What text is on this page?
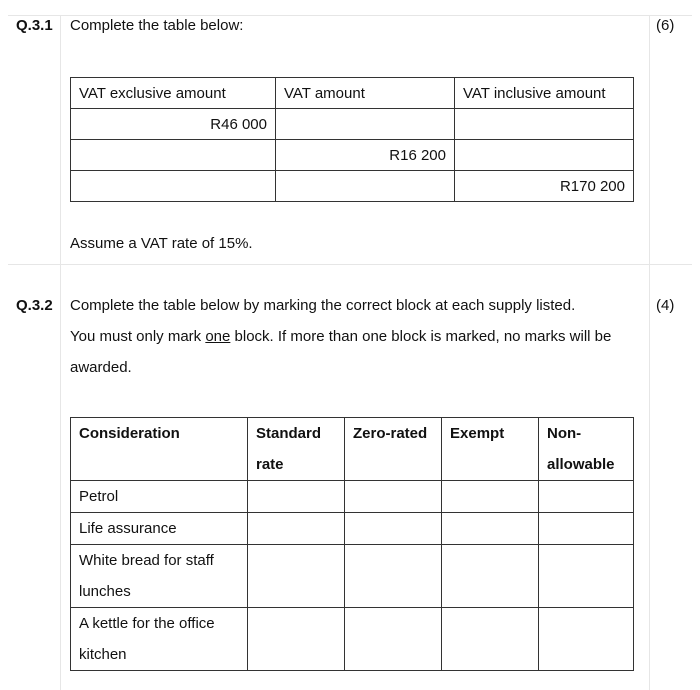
Q.3.1 Complete the table below:	(6)
VAT exclusive amount	VAT amount	VAT inclusive amount
R46 000		
	R16 200	
		R170 200
Assume a VAT rate of 15%.
Q.3.2 Complete the table below by marking the correct block at each supply listed.	(4)
You must only mark one block. If more than one block is marked, no marks will be
awarded.
Consideration	Standard rate	Zero-rated	Exempt	Non-allowable

Petrol				
Life assurance				
White bread for staff lunches				
A kettle for the office kitchen				
